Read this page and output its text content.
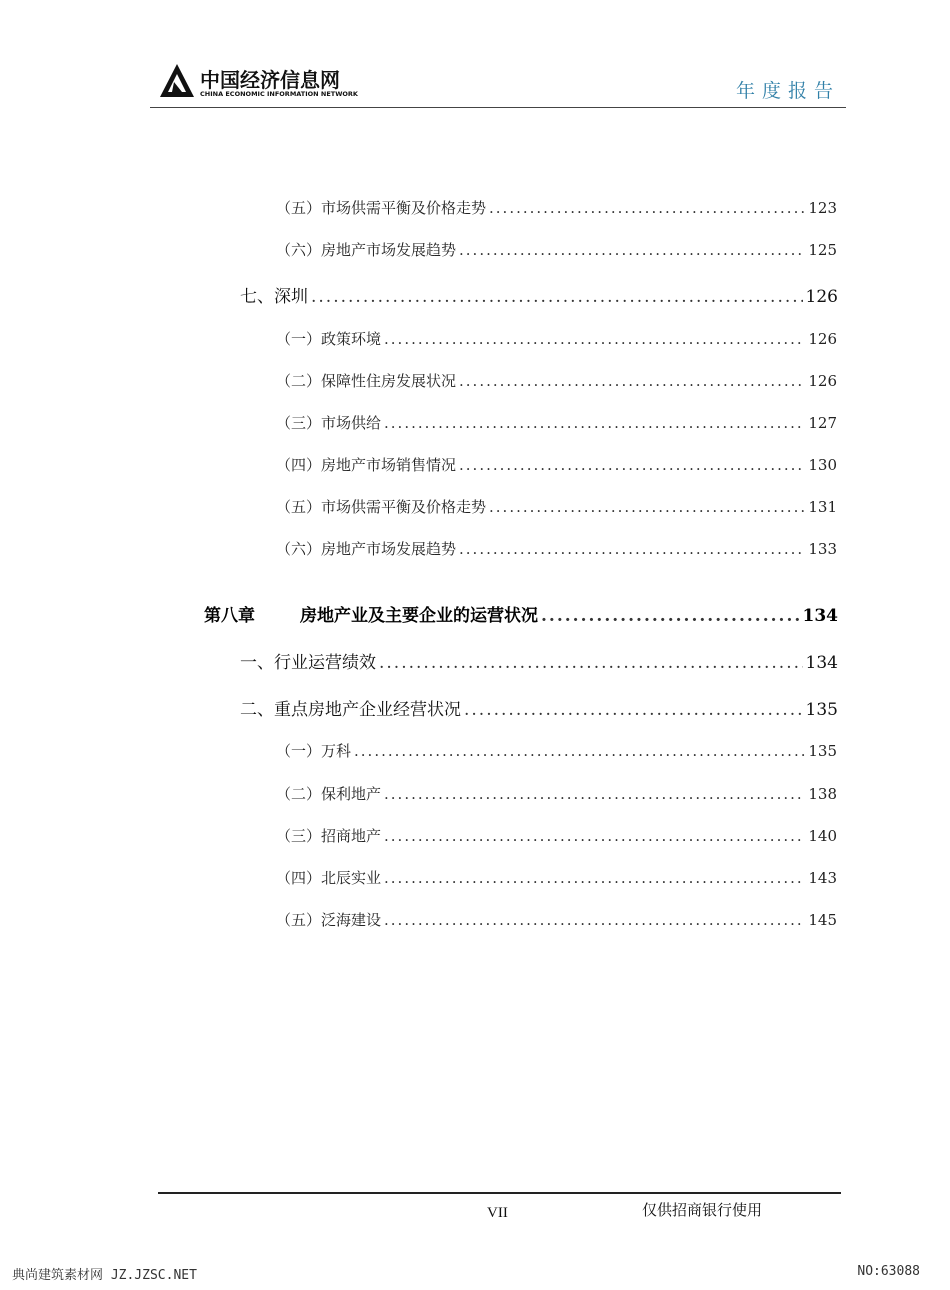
中国经济信息网
CHINA ECONOMIC INFORMATION NETWORK	年度报告
（五）市场供需平衡及价格走势 .....	123
（六）房地产市场发展趋势 .....	125
七、深圳 .....	126
（一）政策环境 .....	126
（二）保障性住房发展状况 .....	126
（三）市场供给 .....	127
（四）房地产市场销售情况 .....	130
（五）市场供需平衡及价格走势 .....	131
（六）房地产市场发展趋势 .....	133
第八章	房地产业及主要企业的运营状况 .....	134
一、行业运营绩效 .....	134
二、重点房地产企业经营状况 .....	135
（一）万科 .....	135
（二）保利地产 .....	138
（三）招商地产 .....	140
（四）北辰实业 .....	143
（五）泛海建设 .....	145
VII	仅供招商银行使用
典尚建筑素材网 JZ.JZSC.NET	NO:63088
